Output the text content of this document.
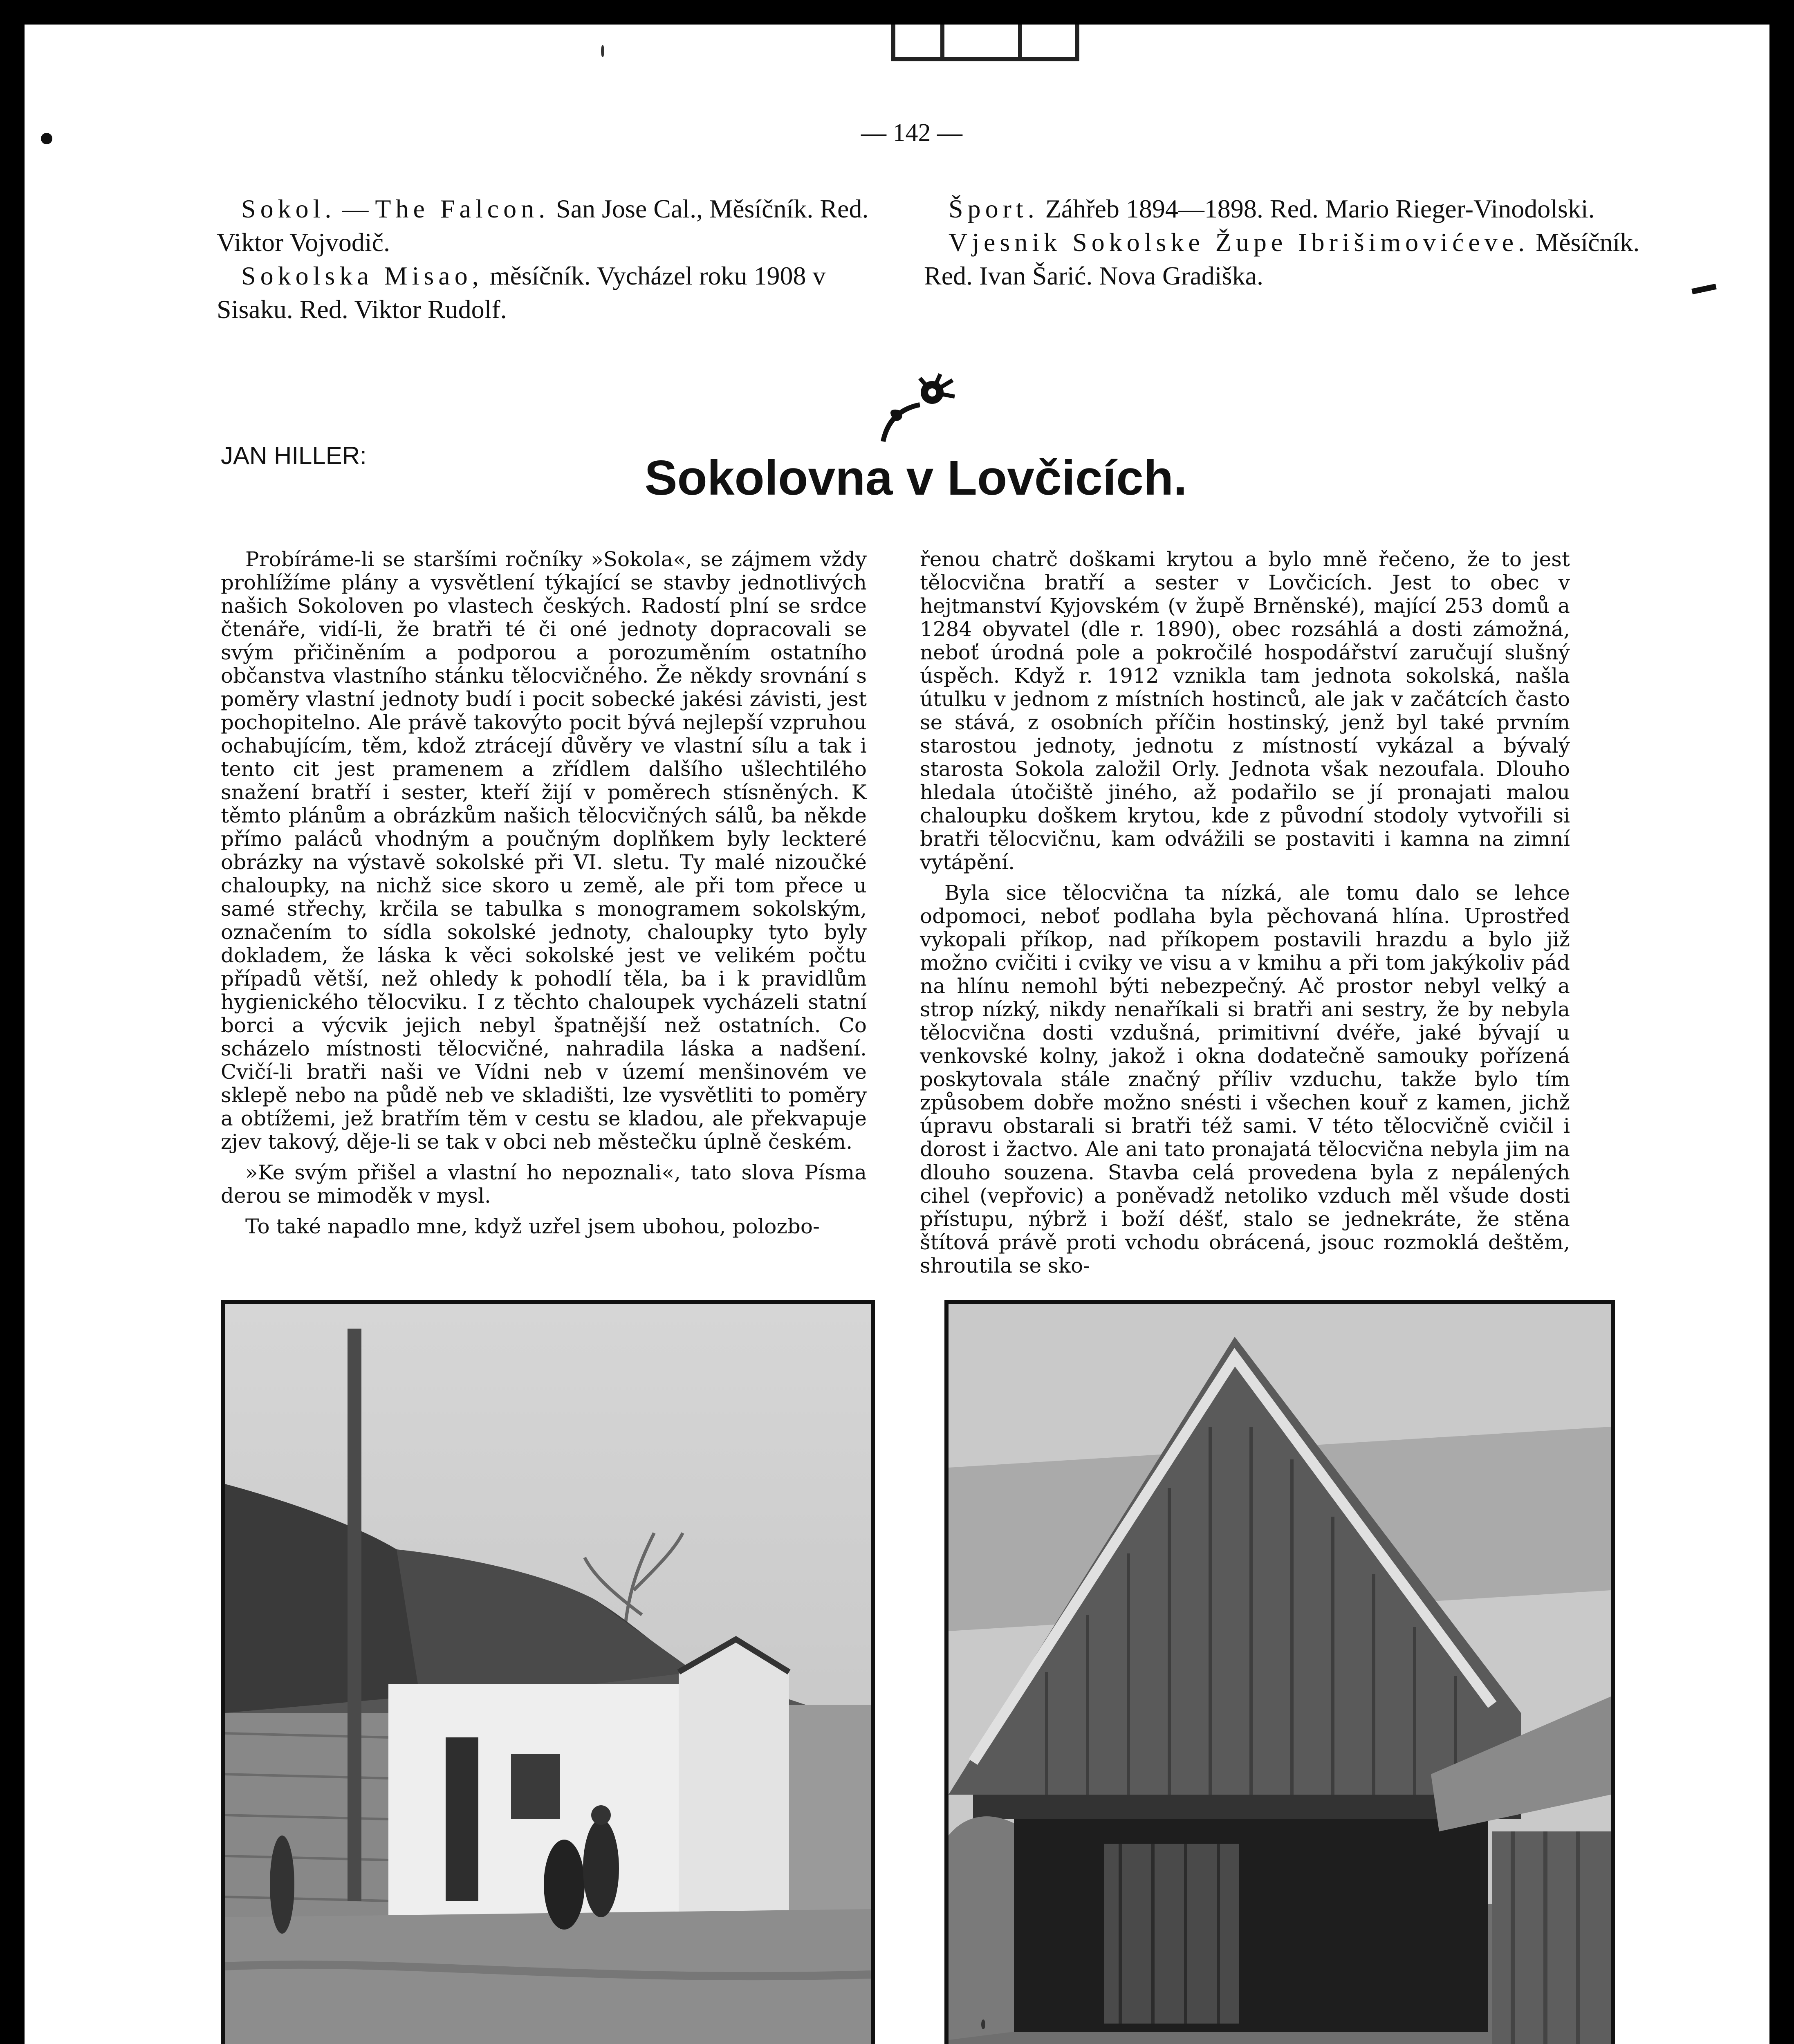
— 142 —

Sokol. — The Falcon. San Jose Cal., Měsíčník. Red. Viktor Vojvodič.

Sokolska Misao, měsíčník. Vycházel roku 1908 v Sisaku. Red. Viktor Rudolf.

Šport. Záhřeb 1894—1898. Red. Mario Rieger-Vinodolski.

Vjesnik Sokolske Župe Ibrišimovićeve. Měsíčník. Red. Ivan Šarić. Nova Gradiška.

JAN HILLER:	Sokolovna v Lovčicích.

Probíráme-li se staršími ročníky »Sokola«, se zájmem vždy prohlížíme plány a vysvětlení týkající se stavby jednotlivých našich Sokoloven po vlastech českých. Radostí plní se srdce čtenáře, vidí-li, že bratři té či oné jednoty dopracovali se svým přičiněním a podporou a porozuměním ostatního občanstva vlastního stánku tělocvičného. Že někdy srovnání s poměry vlastní jednoty budí i pocit sobecké jakési závisti, jest pochopitelno. Ale právě takovýto pocit bývá nejlepší vzpruhou ochabujícím, těm, kdož ztrácejí důvěry ve vlastní sílu a tak i tento cit jest pramenem a zřídlem dalšího ušlechtilého snažení bratří i sester, kteří žijí v poměrech stísněných. K těmto plánům a obrázkům našich tělocvičných sálů, ba někde přímo paláců vhodným a poučným doplňkem byly leckteré obrázky na výstavě sokolské při VI. sletu. Ty malé nizoučké chaloupky, na nichž sice skoro u země, ale při tom přece u samé střechy, krčila se tabulka s monogramem sokolským, označením to sídla sokolské jednoty, chaloupky tyto byly dokladem, že láska k věci sokolské jest ve velikém počtu případů větší, než ohledy k pohodlí těla, ba i k pravidlům hygienického tělocviku. I z těchto chaloupek vycházeli statní borci a výcvik jejich nebyl špatnější než ostatních. Co scházelo místnosti tělocvičné, nahradila láska a nadšení. Cvičí-li bratři naši ve Vídni neb v území menšinovém ve sklepě nebo na půdě neb ve skladišti, lze vysvětliti to poměry a obtížemi, jež bratřím těm v cestu se kladou, ale překvapuje zjev takový, děje-li se tak v obci neb městečku úplně českém.

»Ke svým přišel a vlastní ho nepoznali«, tato slova Písma derou se mimoděk v mysl.

To také napadlo mne, když uzřel jsem ubohou, polozbo-

řenou chatrč doškami krytou a bylo mně řečeno, že to jest tělocvična bratří a sester v Lovčicích. Jest to obec v hejtmanství Kyjovském (v župě Brněnské), mající 253 domů a 1284 obyvatel (dle r. 1890), obec rozsáhlá a dosti zámožná, neboť úrodná pole a pokročilé hospodářství zaručují slušný úspěch. Když r. 1912 vznikla tam jednota sokolská, našla útulku v jednom z místních hostinců, ale jak v začátcích často se stává, z osobních příčin hostinský, jenž byl také prvním starostou jednoty, jednotu z místností vykázal a bývalý starosta Sokola založil Orly. Jednota však nezoufala. Dlouho hledala útočiště jiného, až podařilo se jí pronajati malou chaloupku doškem krytou, kde z původní stodoly vytvořili si bratři tělocvičnu, kam odvážili se postaviti i kamna na zimní vytápění.

Byla sice tělocvična ta nízká, ale tomu dalo se lehce odpomoci, neboť podlaha byla pěchovaná hlína. Uprostřed vykopali příkop, nad příkopem postavili hrazdu a bylo již možno cvičiti i cviky ve visu a v kmihu a při tom jakýkoliv pád na hlínu nemohl býti nebezpečný. Ač prostor nebyl velký a strop nízký, nikdy nenaříkali si bratři ani sestry, že by nebyla tělocvična dosti vzdušná, primitivní dvéře, jaké bývají u venkovské kolny, jakož i okna dodatečně samouky pořízená poskytovala stále značný příliv vzduchu, takže bylo tím způsobem dobře možno snésti i všechen kouř z kamen, jichž úpravu obstarali si bratři též sami. V této tělocvičně cvičil i dorost i žactvo. Ale ani tato pronajatá tělocvična nebyla jim na dlouho souzena. Stavba celá provedena byla z nepálených cihel (vepřovic) a poněvadž netoliko vzduch měl všude dosti přístupu, nýbrž i boží déšť, stalo se jednekráte, že stěna štítová právě proti vchodu obrácená, jsouc rozmoklá deštěm, shroutila se sko-
